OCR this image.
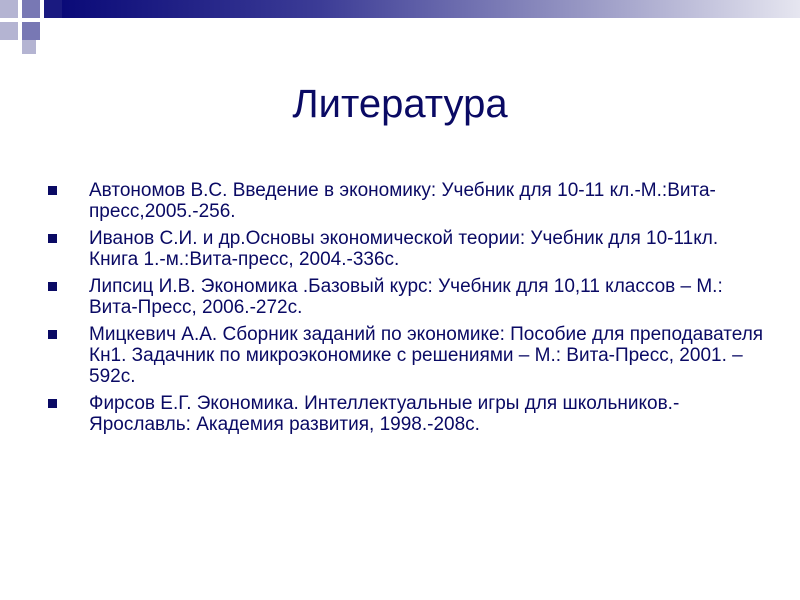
Литература
Автономов В.С. Введение в экономику: Учебник для 10-11 кл.-М.:Вита-пресс,2005.-256.
Иванов С.И. и др.Основы экономической теории: Учебник для 10-11кл. Книга 1.-м.:Вита-пресс, 2004.-336с.
Липсиц И.В. Экономика .Базовый курс: Учебник для 10,11 классов – М.: Вита-Пресс, 2006.-272с.
Мицкевич А.А. Сборник заданий по экономике: Пособие для преподавателя Кн1. Задачник по микроэкономике с решениями – М.: Вита-Пресс, 2001. – 592с.
Фирсов Е.Г. Экономика. Интеллектуальные игры для школьников.- Ярославль: Академия развития, 1998.-208с.
